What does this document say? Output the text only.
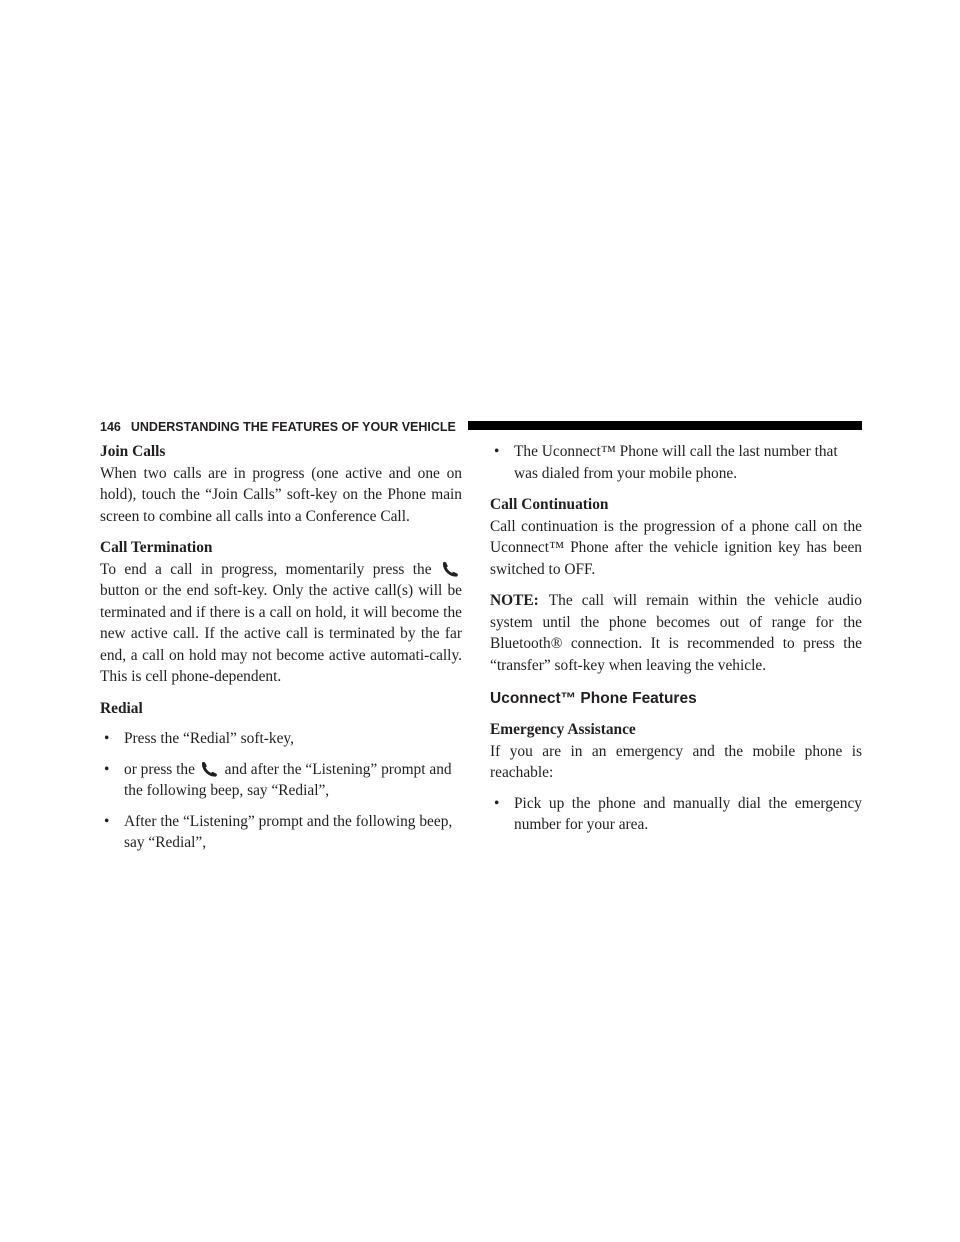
146 UNDERSTANDING THE FEATURES OF YOUR VEHICLE

Join Calls

When two calls are in progress (one active and one on hold), touch the “Join Calls” soft-key on the Phone main screen to combine all calls into a Conference Call.

Call Termination

To end a call in progress, momentarily press the
button or the end soft-key. Only the active call(s) will be terminated and if there is a call on hold, it will become the new active call. If the active call is terminated by the far end, a call on hold may not become active automati-cally. This is cell phone-dependent.

Redial

• Press the “Redial” soft-key,

• or press the and after the “Listening” prompt and the following beep, say “Redial”,

• After the “Listening” prompt and the following beep, say “Redial”,

• The Uconnect™ Phone will call the last number that was dialed from your mobile phone.

Call Continuation

Call continuation is the progression of a phone call on the Uconnect™ Phone after the vehicle ignition key has been switched to OFF.

NOTE: The call will remain within the vehicle audio system until the phone becomes out of range for the Bluetooth® connection. It is recommended to press the “transfer” soft-key when leaving the vehicle.

Uconnect™ Phone Features

Emergency Assistance

If you are in an emergency and the mobile phone is reachable:

• Pick up the phone and manually dial the emergency number for your area.
